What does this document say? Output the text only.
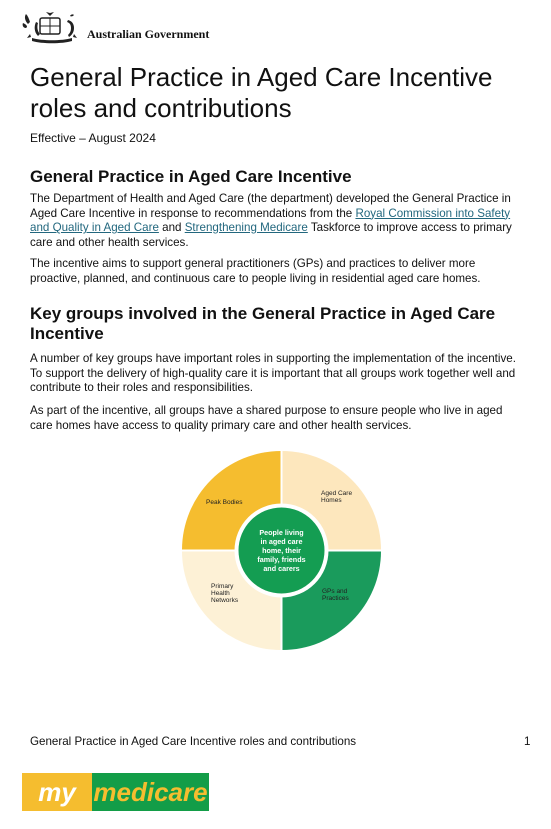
Australian Government
General Practice in Aged Care Incentive roles and contributions
Effective – August 2024
General Practice in Aged Care Incentive

The Department of Health and Aged Care (the department) developed the General Practice in Aged Care Incentive in response to recommendations from the Royal Commission into Safety and Quality in Aged Care and Strengthening Medicare Taskforce to improve access to primary care and other health services.

The incentive aims to support general practitioners (GPs) and practices to deliver more proactive, planned, and continuous care to people living in residential aged care homes.

Key groups involved in the General Practice in Aged Care Incentive

A number of key groups have important roles in supporting the implementation of the incentive. To support the delivery of high-quality care it is important that all groups work together well and contribute to their roles and responsibilities.

As part of the incentive, all groups have a shared purpose to ensure people who live in aged care homes have access to quality primary care and other health services.

Peak Bodies
Aged Care
Homes
GPs and
Practices
Primary
Health
Networks
People living
in aged care
home, their
family, friends
and carers
General Practice in Aged Care Incentive roles and contributions	1
my medicare
